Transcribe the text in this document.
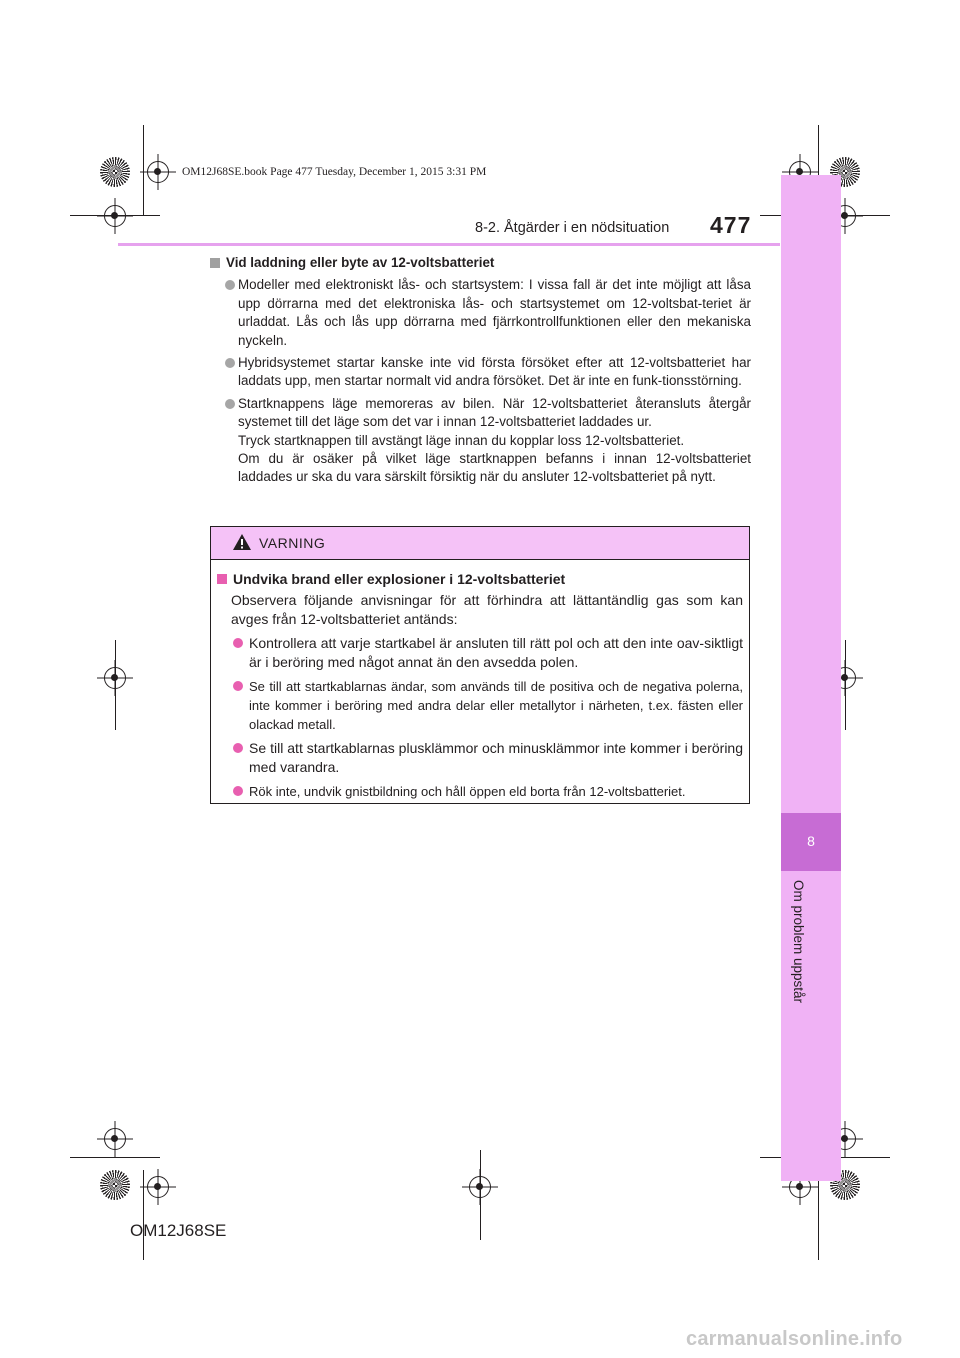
OM12J68SE.book Page 477 Tuesday, December 1, 2015 3:31 PM
8
Om problem uppstår
8-2. Åtgärder i en nödsituation 477
Vid laddning eller byte av 12-voltsbatteriet
Modeller med elektroniskt lås- och startsystem: I vissa fall är det inte möjligt att låsa upp dörrarna med det elektroniska lås- och startsystemet om 12-voltsbat-teriet är urladdat. Lås och lås upp dörrarna med fjärrkontrollfunktionen eller den mekaniska nyckeln.
Hybridsystemet startar kanske inte vid första försöket efter att 12-voltsbatteriet har laddats upp, men startar normalt vid andra försöket. Det är inte en funk-tionsstörning.
Startknappens läge memoreras av bilen. När 12-voltsbatteriet återansluts återgår systemet till det läge som det var i innan 12-voltsbatteriet laddades ur.
Tryck startknappen till avstängt läge innan du kopplar loss 12-voltsbatteriet.
Om du är osäker på vilket läge startknappen befanns i innan 12-voltsbatteriet laddades ur ska du vara särskilt försiktig när du ansluter 12-voltsbatteriet på nytt.
VARNING
Undvika brand eller explosioner i 12-voltsbatteriet
Observera följande anvisningar för att förhindra att lättantändlig gas som kan avges från 12-voltsbatteriet antänds:
Kontrollera att varje startkabel är ansluten till rätt pol och att den inte oav-siktligt är i beröring med något annat än den avsedda polen.
Se till att startkablarnas ändar, som används till de positiva och de negativa polerna, inte kommer i beröring med andra delar eller metallytor i närheten, t.ex. fästen eller olackad metall.
Se till att startkablarnas plusklämmor och minusklämmor inte kommer i beröring med varandra.
Rök inte, undvik gnistbildning och håll öppen eld borta från 12-voltsbatteriet.
OM12J68SE
carmanualsonline.info
